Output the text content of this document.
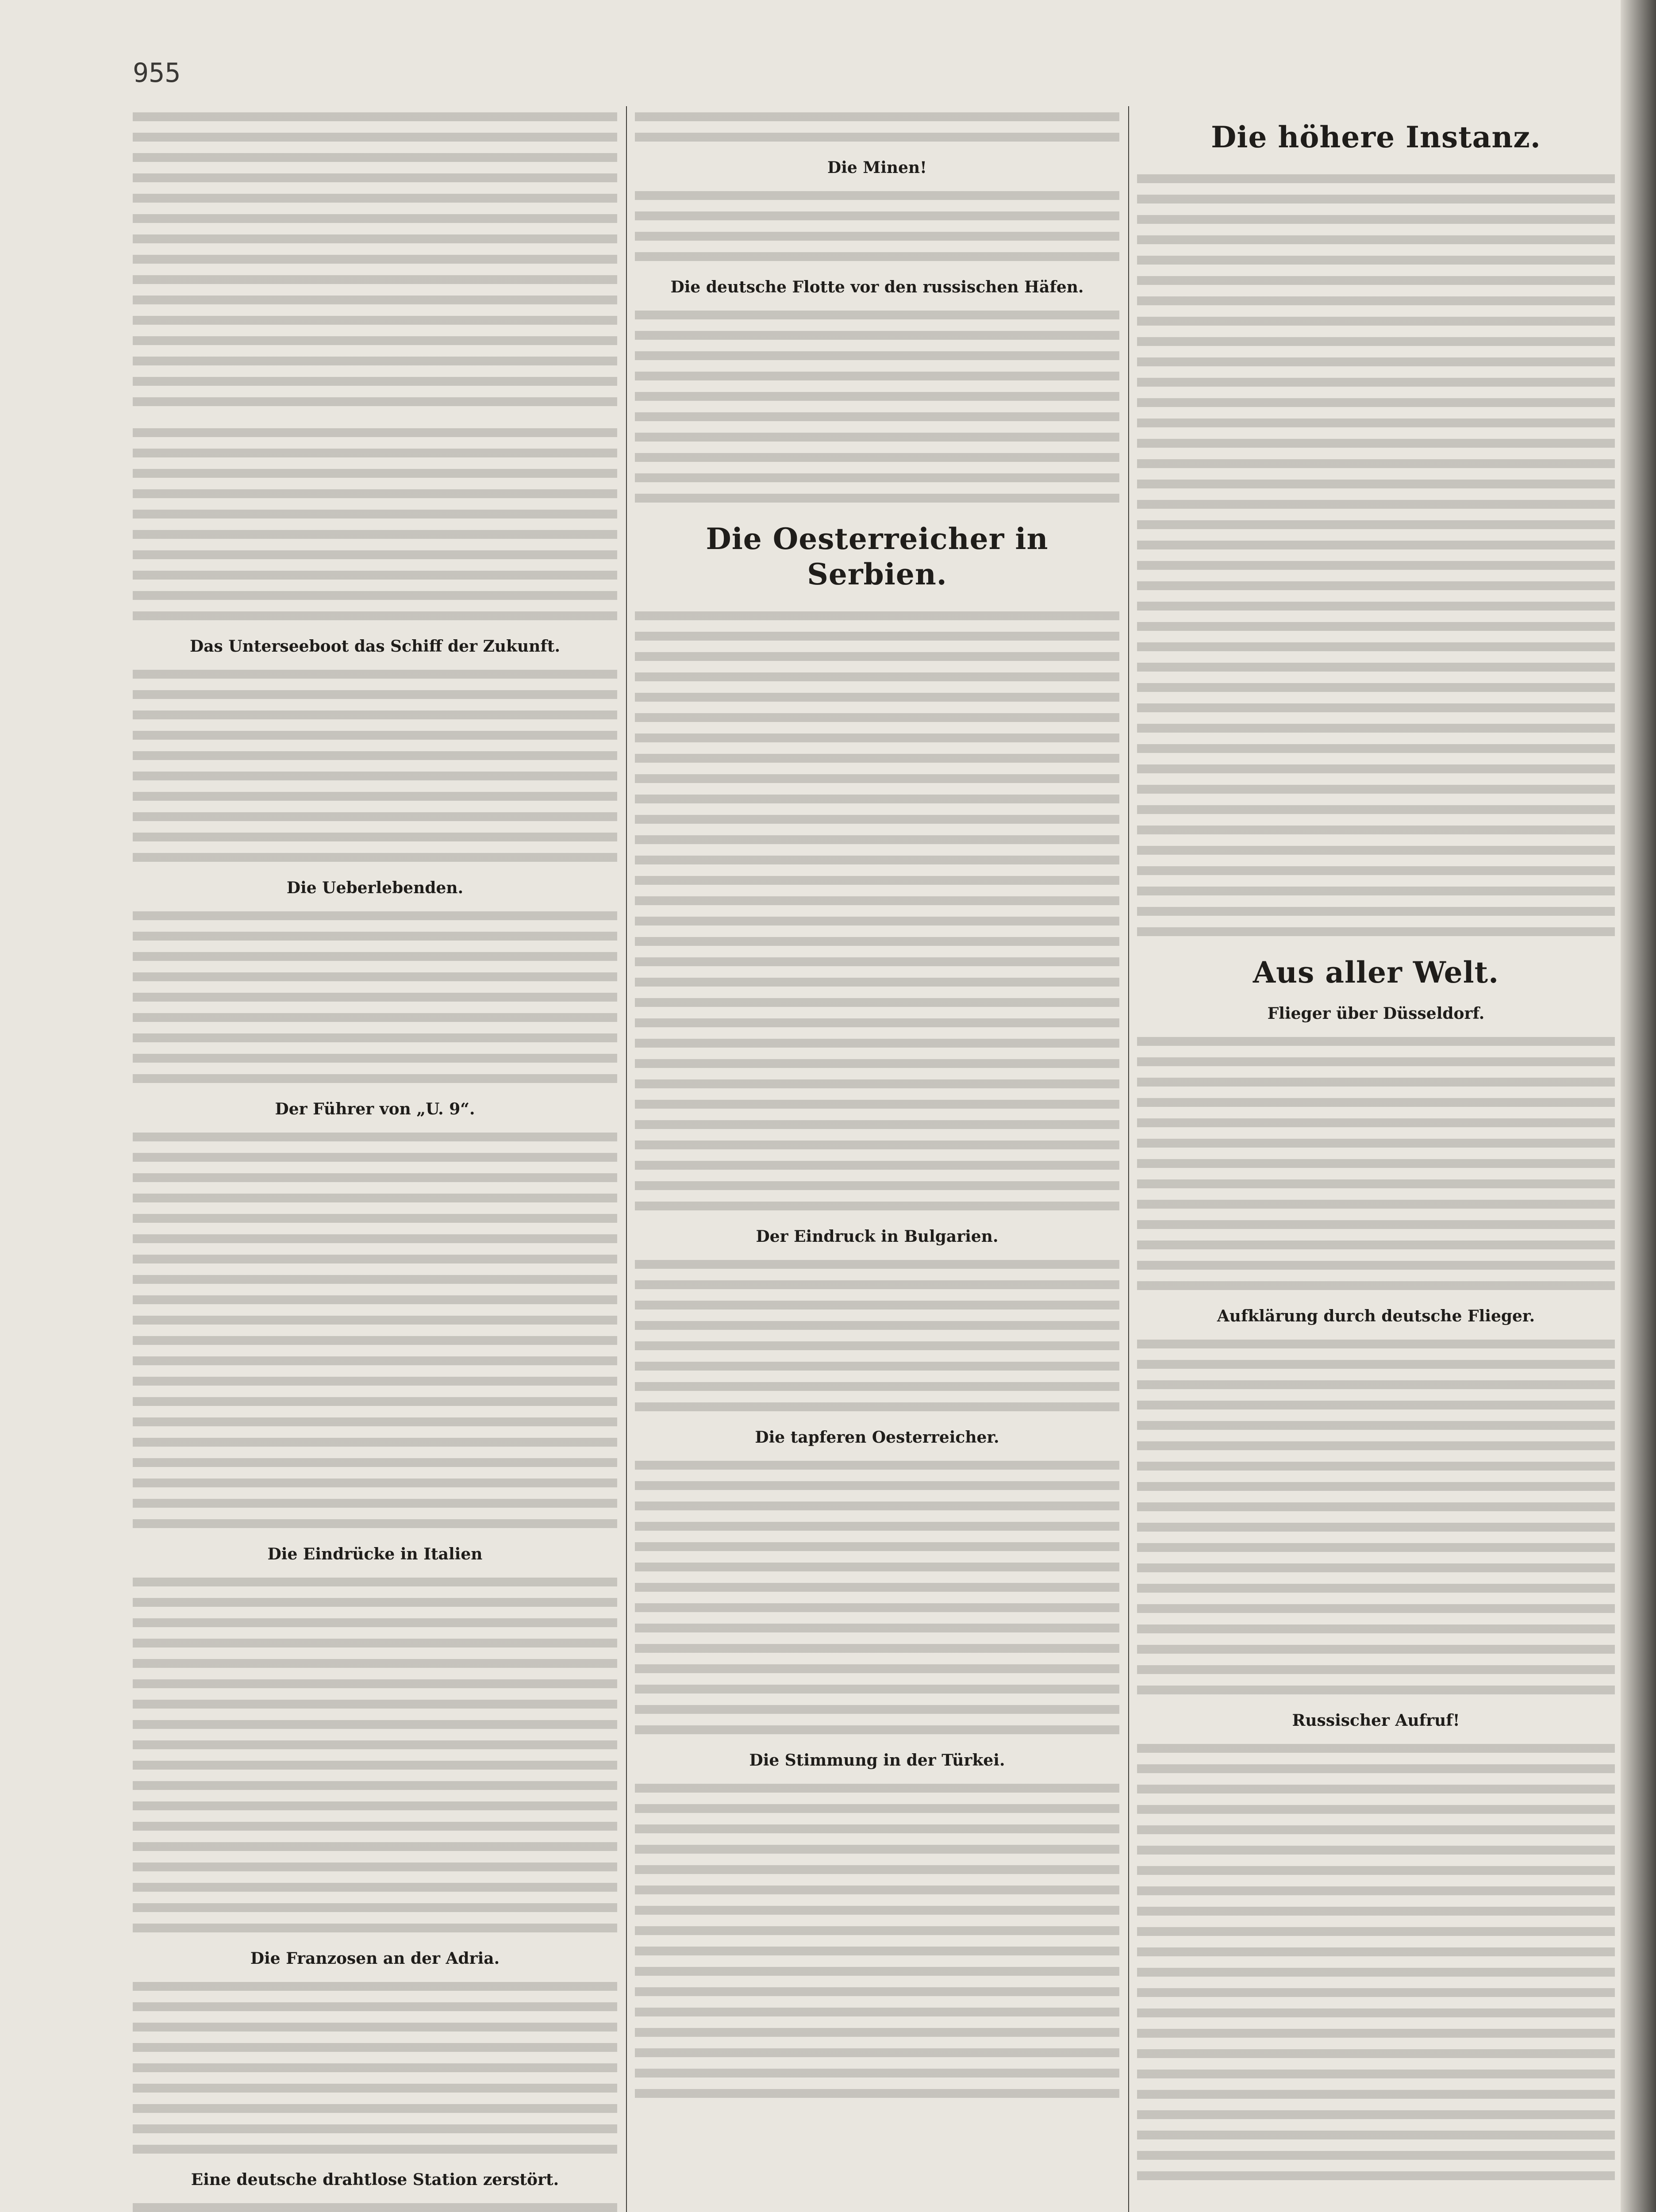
955
Das Unterseeboot das Schiff der Zukunft.
Die Ueberlebenden.
Der Führer von „U. 9“.
Die Eindrücke in Italien
Die Franzosen an der Adria.
Eine deutsche drahtlose Station zerstört.
Die Minen!
Die deutsche Flotte vor den russischen Häfen.
Die Oesterreicher in Serbien.
Der Eindruck in Bulgarien.
Die tapferen Oesterreicher.
Die Stimmung in der Türkei.
Die höhere Instanz.
Aus aller Welt.
Flieger über Düsseldorf.
Aufklärung durch deutsche Flieger.
Russischer Aufruf!
